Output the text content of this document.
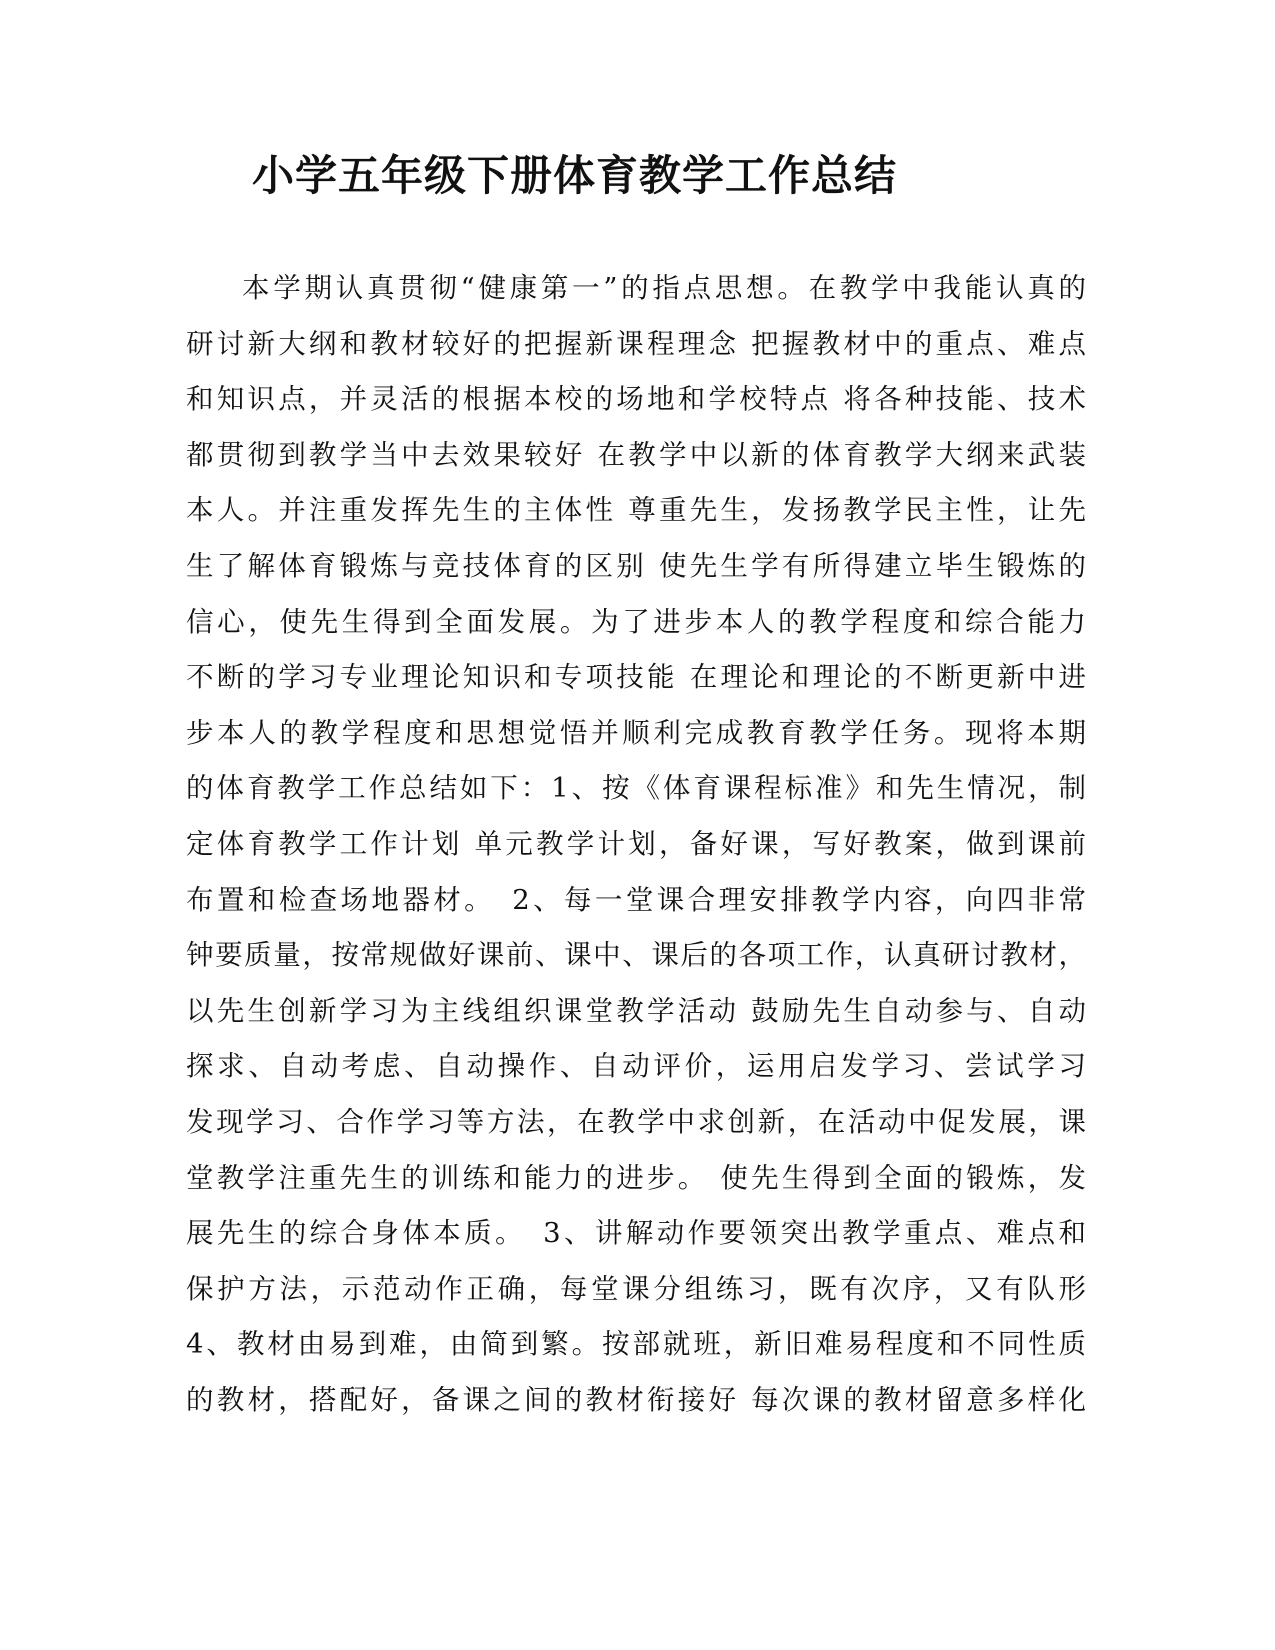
小学五年级下册体育教学工作总结
本学期认真贯彻“健康第一”的指点思想。在教学中我能认真的
研讨新大纲和教材较好的把握新课程理念 把握教材中的重点、难点
和知识点，并灵活的根据本校的场地和学校特点 将各种技能、技术
都贯彻到教学当中去效果较好 在教学中以新的体育教学大纲来武装
本人。并注重发挥先生的主体性 尊重先生，发扬教学民主性，让先
生了解体育锻炼与竞技体育的区别 使先生学有所得建立毕生锻炼的
信心，使先生得到全面发展。为了进步本人的教学程度和综合能力
不断的学习专业理论知识和专项技能 在理论和理论的不断更新中进
步本人的教学程度和思想觉悟并顺利完成教育教学任务。现将本期
的体育教学工作总结如下：1、按《体育课程标准》和先生情况，制
定体育教学工作计划 单元教学计划，备好课，写好教案，做到课前
布置和检查场地器材。　2、每一堂课合理安排教学内容，向四非常
钟要质量，按常规做好课前、课中、课后的各项工作，认真研讨教材，
以先生创新学习为主线组织课堂教学活动 鼓励先生自动参与、自动
探求、自动考虑、自动操作、自动评价，运用启发学习、尝试学习
发现学习、合作学习等方法，在教学中求创新，在活动中促发展，课
堂教学注重先生的训练和能力的进步。 使先生得到全面的锻炼，发
展先生的综合身体本质。　3、讲解动作要领突出教学重点、难点和
保护方法，示范动作正确，每堂课分组练习，既有次序，又有队形
4、教材由易到难，由简到繁。按部就班，新旧难易程度和不同性质
的教材，搭配好，备课之间的教材衔接好 每次课的教材留意多样化
